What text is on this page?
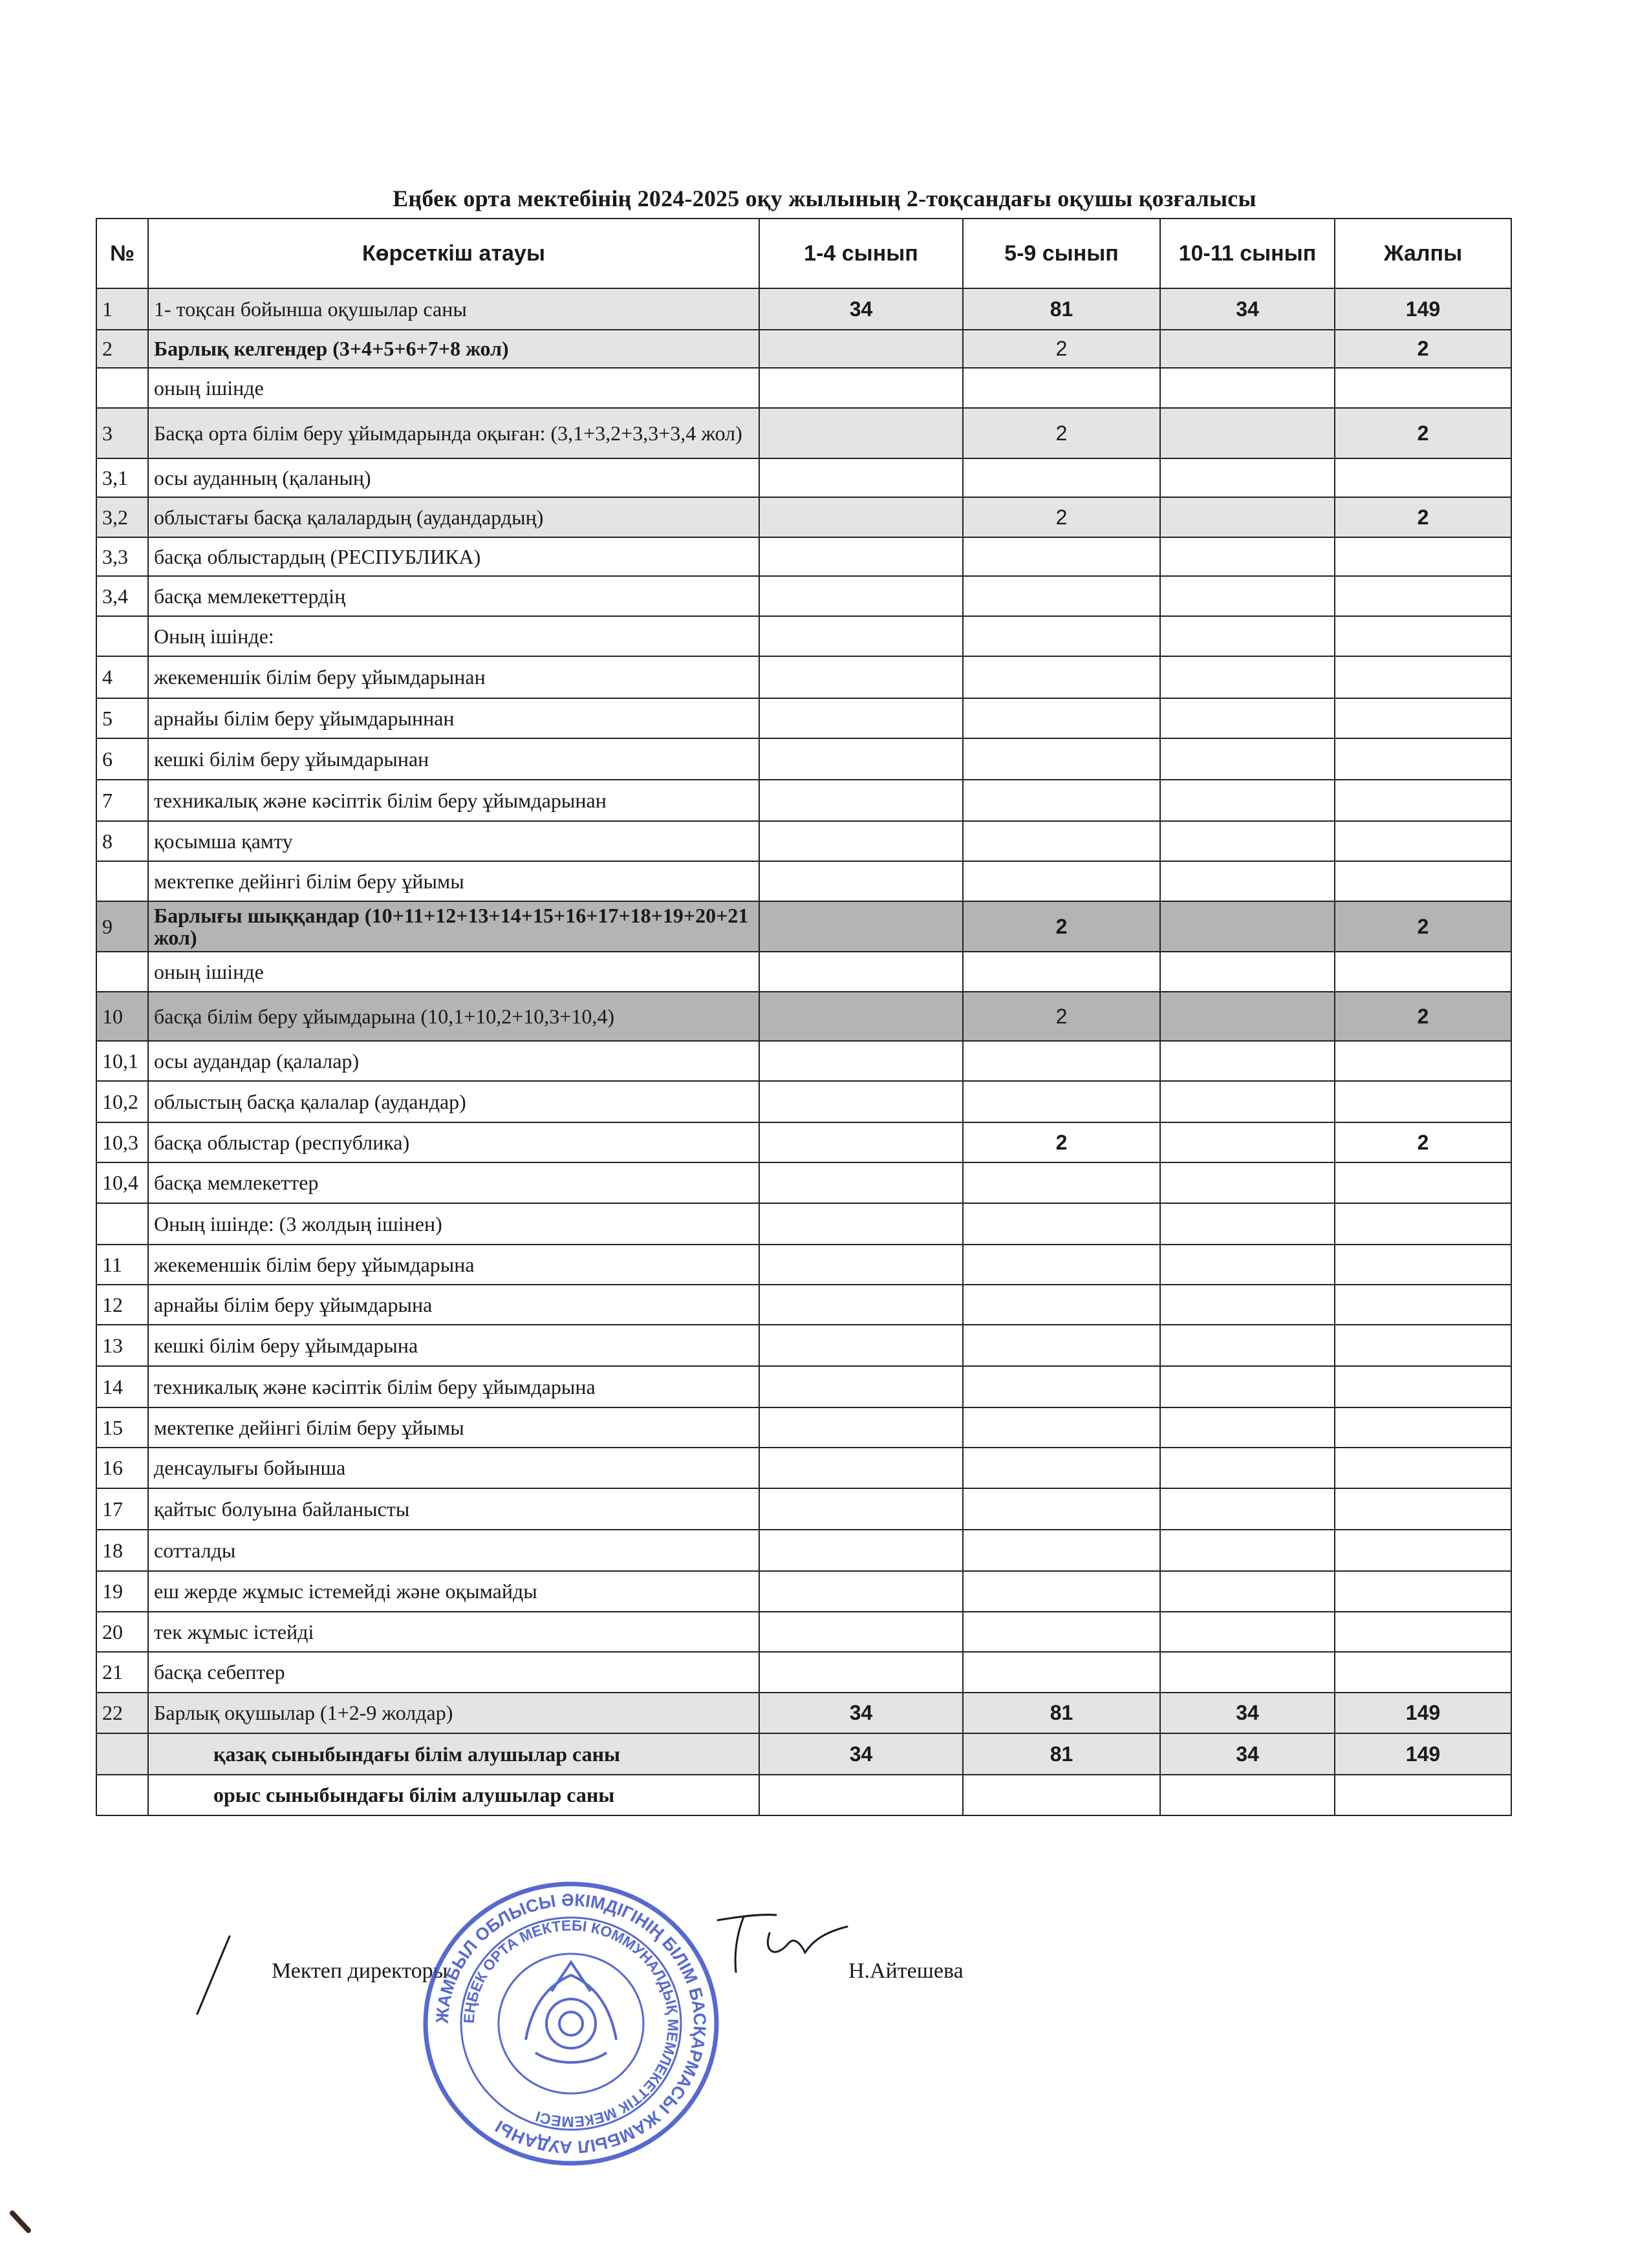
Еңбек орта мектебінің 2024-2025 оқу жылының 2-тоқсандағы оқушы қозғалысы
№	Көрсеткіш атауы	1-4 сынып	5-9 сынып	10-11 сынып	Жалпы
1	1- тоқсан бойынша оқушылар саны	34	81	34	149
2	Барлық келгендер (3+4+5+6+7+8 жол)		2		2
	оның ішінде				
3	Басқа орта білім беру ұйымдарында оқыған: (3,1+3,2+3,3+3,4 жол)		2		2
3,1	осы ауданның (қаланың)				
3,2	облыстағы басқа қалалардың (аудандардың)		2		2
3,3	басқа облыстардың (РЕСПУБЛИКА)				
3,4	басқа мемлекеттердің				
	Оның ішінде:				
4	жекеменшік білім беру ұйымдарынан				
5	арнайы білім беру ұйымдарыннан				
6	кешкі білім беру ұйымдарынан				
7	техникалық және кәсіптік білім беру ұйымдарынан				
8	қосымша қамту				
	мектепке дейінгі білім беру ұйымы				
9	Барлығы шыққандар (10+11+12+13+14+15+16+17+18+19+20+21 жол)		2		2
	оның ішінде				
10	басқа білім беру ұйымдарына (10,1+10,2+10,3+10,4)		2		2
10,1	осы аудандар (қалалар)				
10,2	облыстың басқа қалалар (аудандар)				
10,3	басқа облыстар (республика)		2		2
10,4	басқа мемлекеттер				
	Оның ішінде: (3 жолдың ішінен)				
11	жекеменшік білім беру ұйымдарына				
12	арнайы білім беру ұйымдарына				
13	кешкі білім беру ұйымдарына				
14	техникалық және кәсіптік білім беру ұйымдарына				
15	мектепке дейінгі білім беру ұйымы				
16	денсаулығы бойынша				
17	қайтыс болуына байланысты				
18	сотталды				
19	еш жерде жұмыс істемейді және оқымайды				
20	тек жұмыс істейді				
21	басқа себептер				
22	Барлық оқушылар (1+2-9 жолдар)	34	81	34	149
	қазақ сыныбындағы білім алушылар саны	34	81	34	149
	орыс сыныбындағы білім алушылар саны				
Мектеп директоры	Н.Айтешева
ЖАМБЫЛ ОБЛЫСЫ ӘКІМДІГІНІҢ БІЛІМ БАСҚАРМАСЫ ЖАМБЫЛ АУДАНЫ
ЕҢБЕК ОРТА МЕКТЕБІ КОММУНАЛДЫҚ МЕМЛЕКЕТТІК МЕКЕМЕСІ
